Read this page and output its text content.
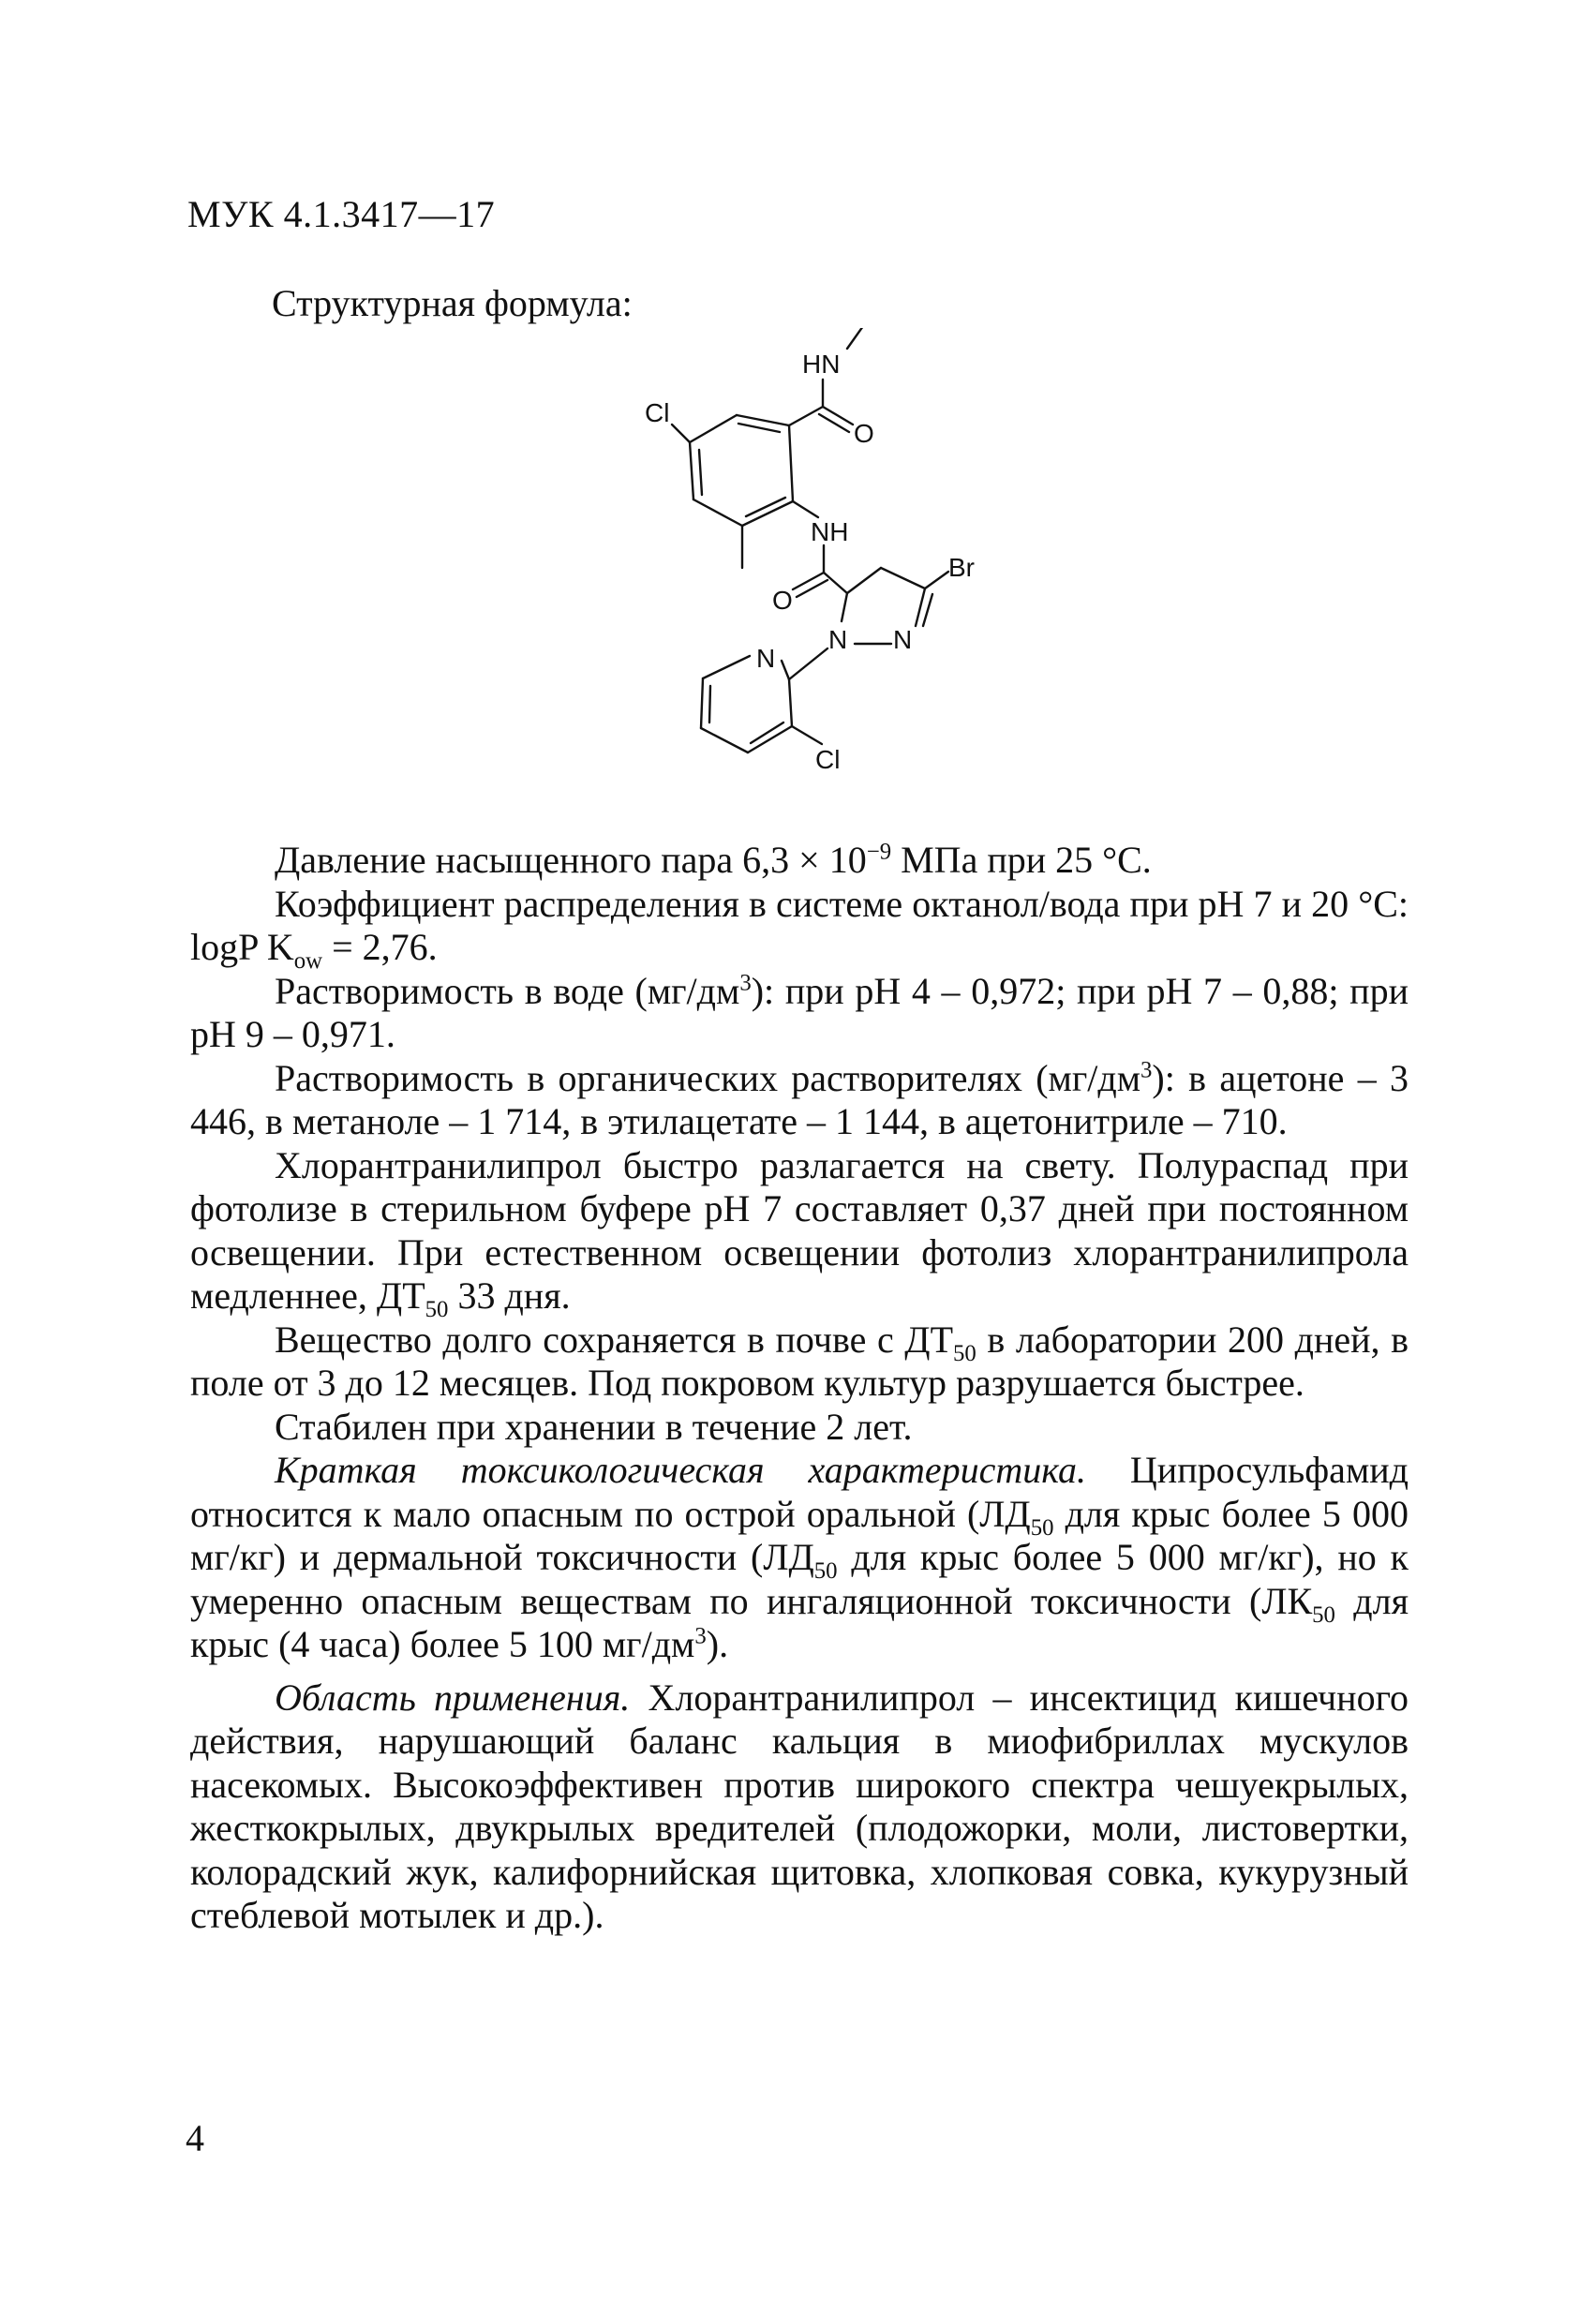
МУК 4.1.3417—17
Структурная формула:
HN
Cl
O
NH
O
Br
N N
N
Cl

Давление насыщенного пара $6,3 \times 10^{-9}$ МПа при 25 °С.

Коэффициент распределения в системе октанол/вода при рН 7 и 20 °С: logP $K_{ow} = 2,76$.

Растворимость в воде $(мг/дм^3)$: при рН 4 – 0,972; при рН 7 – 0,88; при рН 9 – 0,971.

Растворимость в органических растворителях $(мг/дм^3)$: в ацетоне – 3 446, в метаноле – 1 714, в этилацетате – 1 144, в ацетонитриле – 710.

Хлорантранилипрол быстро разлагается на свету. Полураспад при фотолизе в стерильном буфере рН 7 составляет 0,37 дней при постоянном освещении. При естественном освещении фотолиз хлорантранилипрола медленнее, $ДТ_{50}$ 33 дня.

Вещество долго сохраняется в почве с $ДТ_{50}$ в лаборатории 200 дней, в поле от 3 до 12 месяцев. Под покровом культур разрушается быстрее.

Стабилен при хранении в течение 2 лет.

Краткая токсикологическая характеристика. Ципросульфамид относится к мало опасным по острой оральной ($ЛД_{50}$ для крыс более 5 000 мг/кг) и дермальной токсичности ($ЛД_{50}$ для крыс более 5 000 мг/кг), но к умеренно опасным веществам по ингаляционной токсичности ($ЛК_{50}$ для крыс (4 часа) более 5 100 $мг/дм^3$).

Область применения. Хлорантранилипрол – инсектицид кишечного действия, нарушающий баланс кальция в миофибриллах мускулов насекомых. Высокоэффективен против широкого спектра чешуекрылых, жесткокрылых, двукрылых вредителей (плодожорки, моли, листовертки, колорадский жук, калифорнийская щитовка, хлопковая совка, кукурузный стеблевой мотылек и др.).

4
